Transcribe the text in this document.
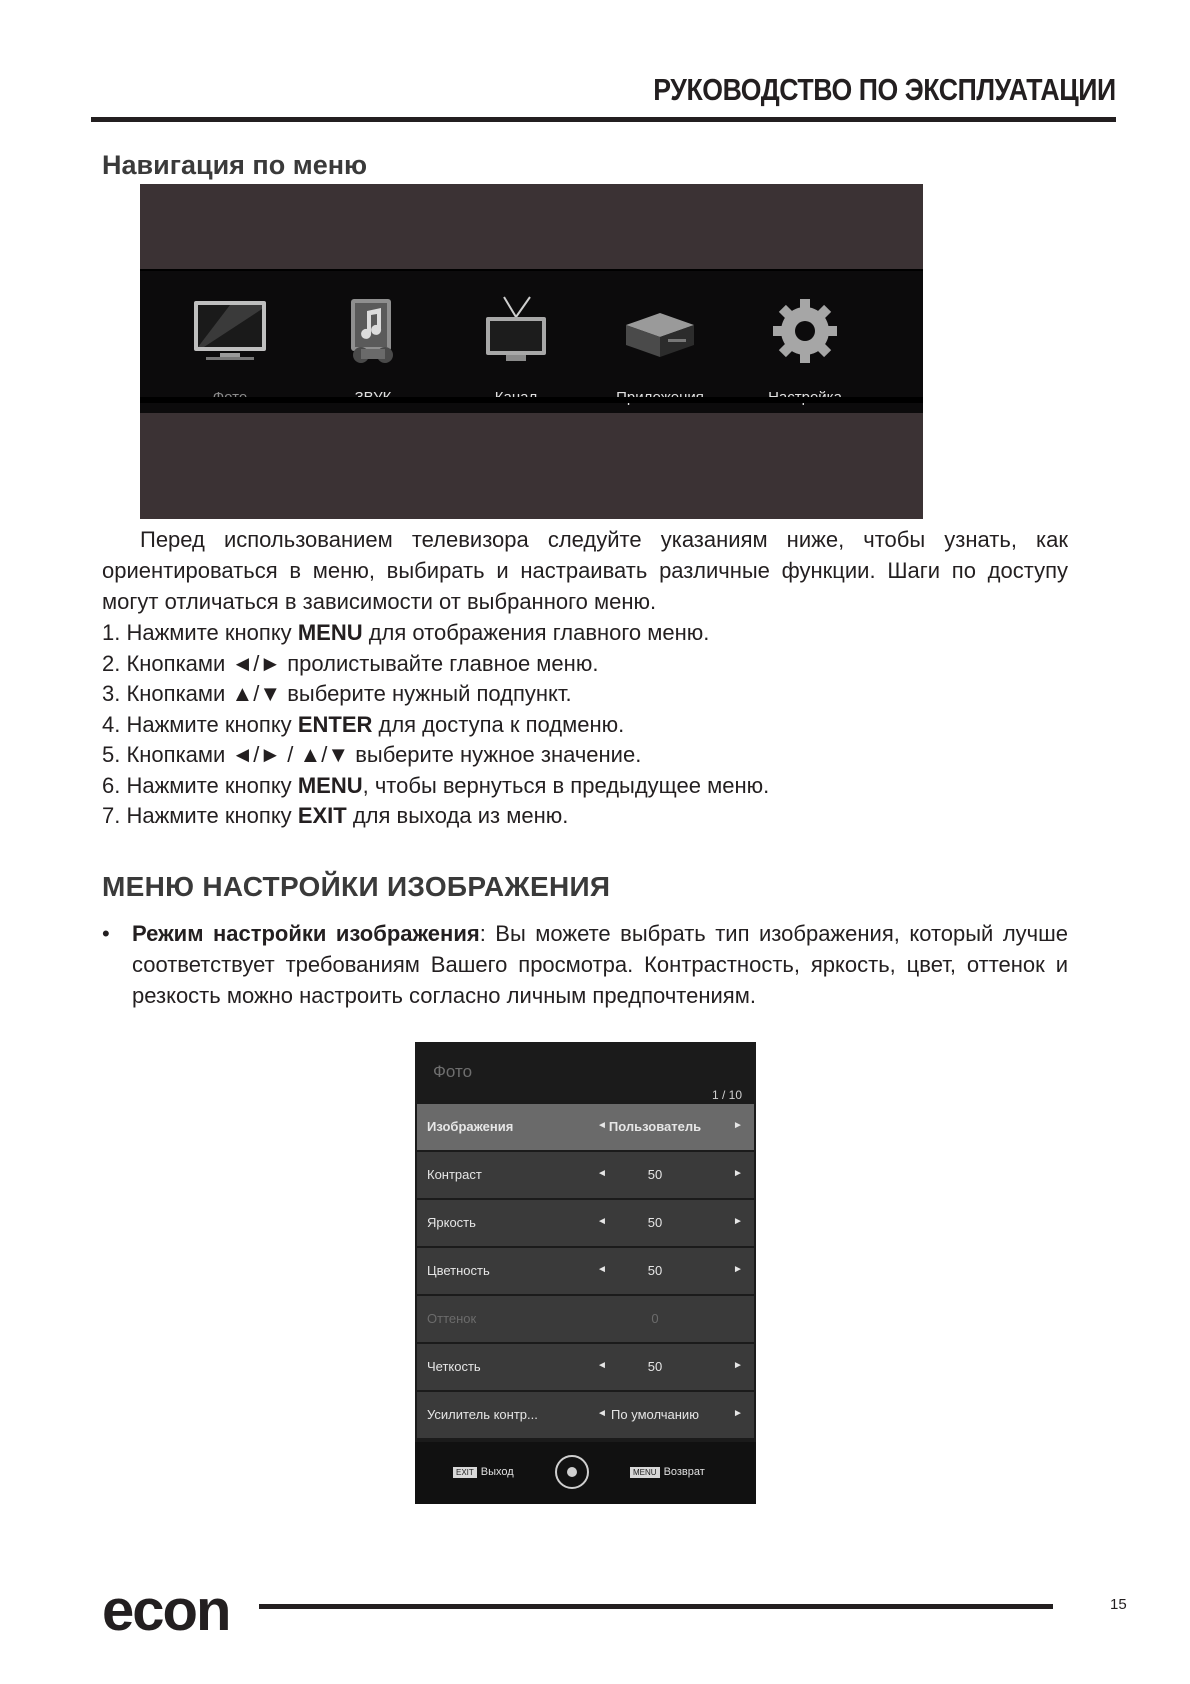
РУКОВОДСТВО ПО ЭКСПЛУАТАЦИИ
Навигация по меню
Перед использованием телевизора следуйте указаниям ниже, чтобы узнать, как ориентироваться в меню, выбирать и настраивать различные функции. Шаги по доступу могут отличаться в зависимости от выбранного меню.
1. Нажмите кнопку MENU для отображения главного меню.
2. Кнопками ◄/► пролистывайте главное меню.
3. Кнопками ▲/▼ выберите нужный подпункт.
4. Нажмите кнопку ENTER для доступа к подменю.
5. Кнопками ◄/► / ▲/▼ выберите нужное значение.
6. Нажмите кнопку MENU, чтобы вернуться в предыдущее меню.
7. Нажмите кнопку EXIT для выхода из меню.
МЕНЮ НАСТРОЙКИ ИЗОБРАЖЕНИЯ
• Режим настройки изображения: Вы можете выбрать тип изображения, который лучше соответствует требованиям Вашего просмотра. Контрастность, яркость, цвет, оттенок и резкость можно настроить согласно личным предпочтениям.
Фото
1 / 10
Изображения	◄ Пользователь	►
Контраст	◄	50	►
Яркость	◄	50	►
Цветность	◄	50	►
Оттенок	0
Четкость	◄	50	►
Усилитель контр...	◄ По умолчанию	►
EXIT Выход	MENU Возврат
econ	15
